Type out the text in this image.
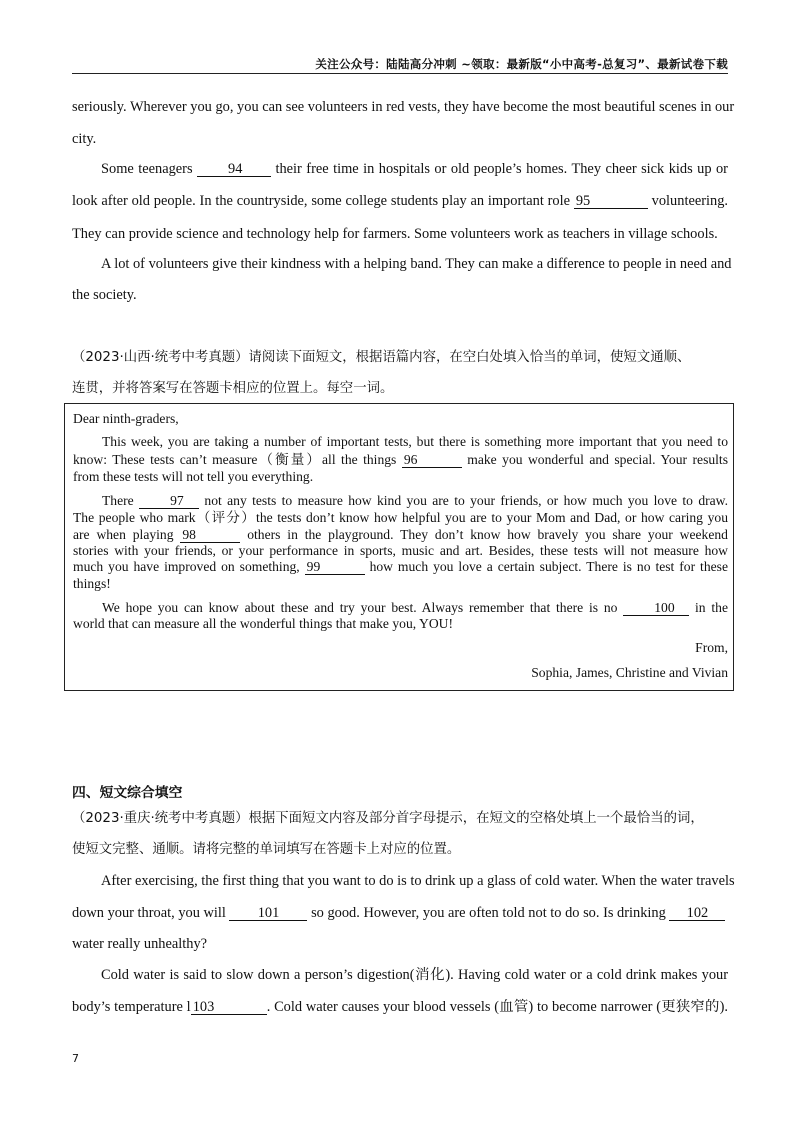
关注公众号：陆陆高分冲刺 ~领取：最新版“小中高考-总复习”、最新试卷下载

seriously. Wherever you go, you can see volunteers in red vests, they have become the most beautiful scenes in our

city.

Some teenagers 94 their free time in hospitals or old people’s homes. They cheer sick kids up or

look after old people. In the countryside, some college students play an important role 95	volunteering.

They can provide science and technology help for farmers. Some volunteers work as teachers in village schools.

A lot of volunteers give their kindness with a helping band. They can make a difference to people in need and

the society.

（2023·山西·统考中考真题）请阅读下面短文，根据语篇内容，在空白处填入恰当的单词，使短文通顺、

连贯，并将答案写在答题卡相应的位置上。每空一词。

Dear ninth-graders,

This week, you are taking a number of important tests, but there is something more important that you need to

know: These tests can’t measure（衡量）all the things 96	make you wonderful and special. Your results

from these tests will not tell you everything.

There 97 not any tests to measure how kind you are to your friends, or how much you love to draw.

The people who mark（评分）the tests don’t know how helpful you are to your Mom and Dad, or how caring you

are when playing 98	others in the playground. They don’t know how bravely you share your weekend

stories with your friends, or your performance in sports, music and art. Besides, these tests will not measure how

much you have improved on something, 99	how much you love a certain subject. There is no test for these

things!

We hope you can know about these and try your best. Always remember that there is no 100 in the

world that can measure all the wonderful things that make you, YOU!

From,

Sophia, James, Christine and Vivian

四、短文综合填空

（2023·重庆·统考中考真题）根据下面短文内容及部分首字母提示，在短文的空格处填上一个最恰当的词，

使短文完整、通顺。请将完整的单词填写在答题卡上对应的位置。

After exercising, the first thing that you want to do is to drink up a glass of cold water. When the water travels

down your throat, you will 101 so good. However, you are often told not to do so. Is drinking 102

water really unhealthy?

Cold water is said to slow down a person’s digestion(消化). Having cold water or a cold drink makes your

body’s temperature l 103	. Cold water causes your blood vessels (血管) to become narrower (更狭窄的).

7
